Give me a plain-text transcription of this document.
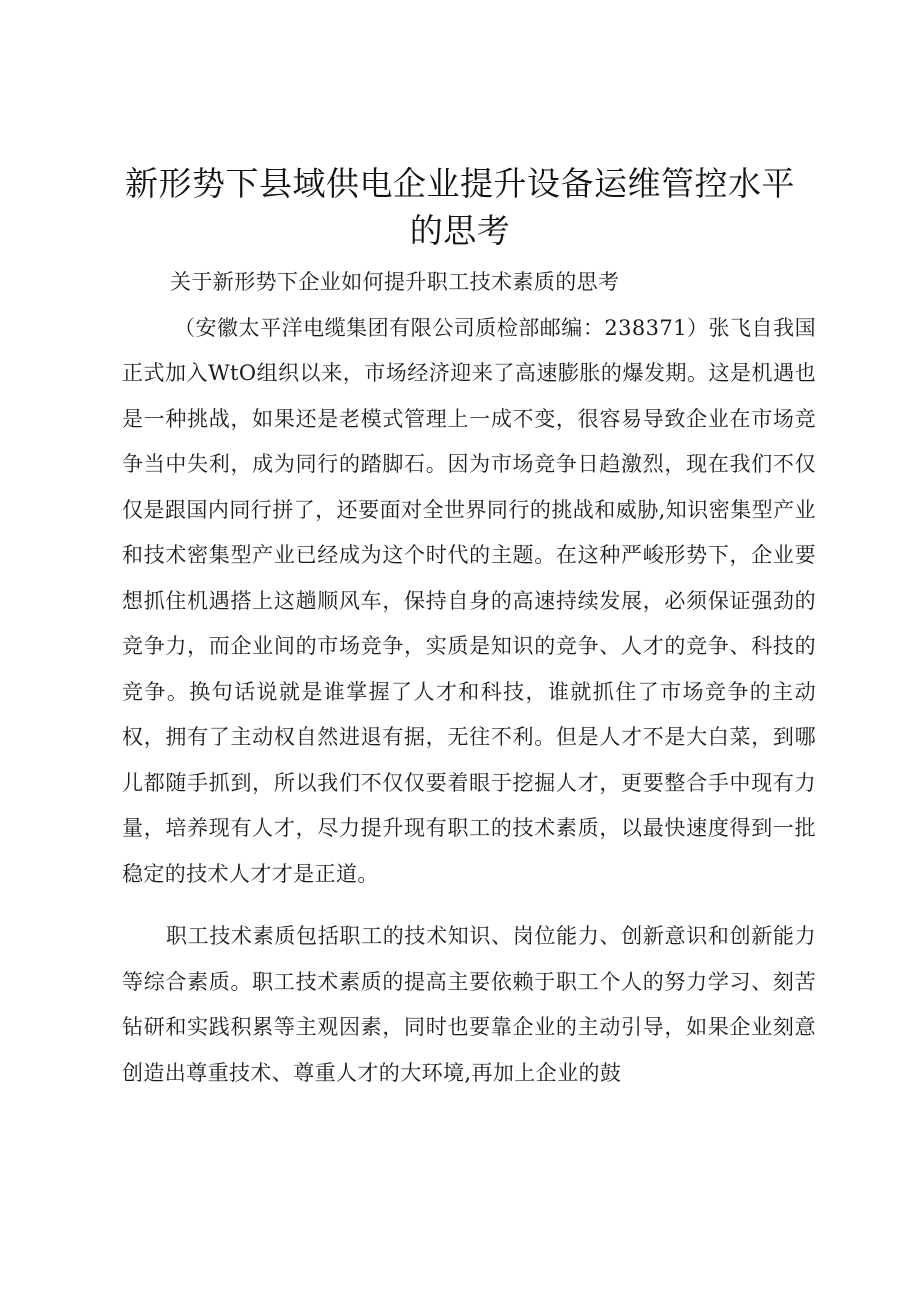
新形势下县域供电企业提升设备运维管控水平的思考

关于新形势下企业如何提升职工技术素质的思考

（安徽太平洋电缆集团有限公司质检部邮编：238371）张飞自我国正式加入WtO组织以来，市场经济迎来了高速膨胀的爆发期。这是机遇也是一种挑战，如果还是老模式管理上一成不变，很容易导致企业在市场竞争当中失利，成为同行的踏脚石。因为市场竞争日趋激烈，现在我们不仅仅是跟国内同行拼了，还要面对全世界同行的挑战和威胁,知识密集型产业和技术密集型产业已经成为这个时代的主题。在这种严峻形势下，企业要想抓住机遇搭上这趟顺风车，保持自身的高速持续发展，必须保证强劲的竞争力，而企业间的市场竞争，实质是知识的竞争、人才的竞争、科技的竞争。换句话说就是谁掌握了人才和科技，谁就抓住了市场竞争的主动权，拥有了主动权自然进退有据，无往不利。但是人才不是大白菜，到哪儿都随手抓到，所以我们不仅仅要着眼于挖掘人才，更要整合手中现有力量，培养现有人才，尽力提升现有职工的技术素质，以最快速度得到一批稳定的技术人才才是正道。

职工技术素质包括职工的技术知识、岗位能力、创新意识和创新能力等综合素质。职工技术素质的提高主要依赖于职工个人的努力学习、刻苦钻研和实践积累等主观因素，同时也要靠企业的主动引导，如果企业刻意创造出尊重技术、尊重人才的大环境,再加上企业的鼓
